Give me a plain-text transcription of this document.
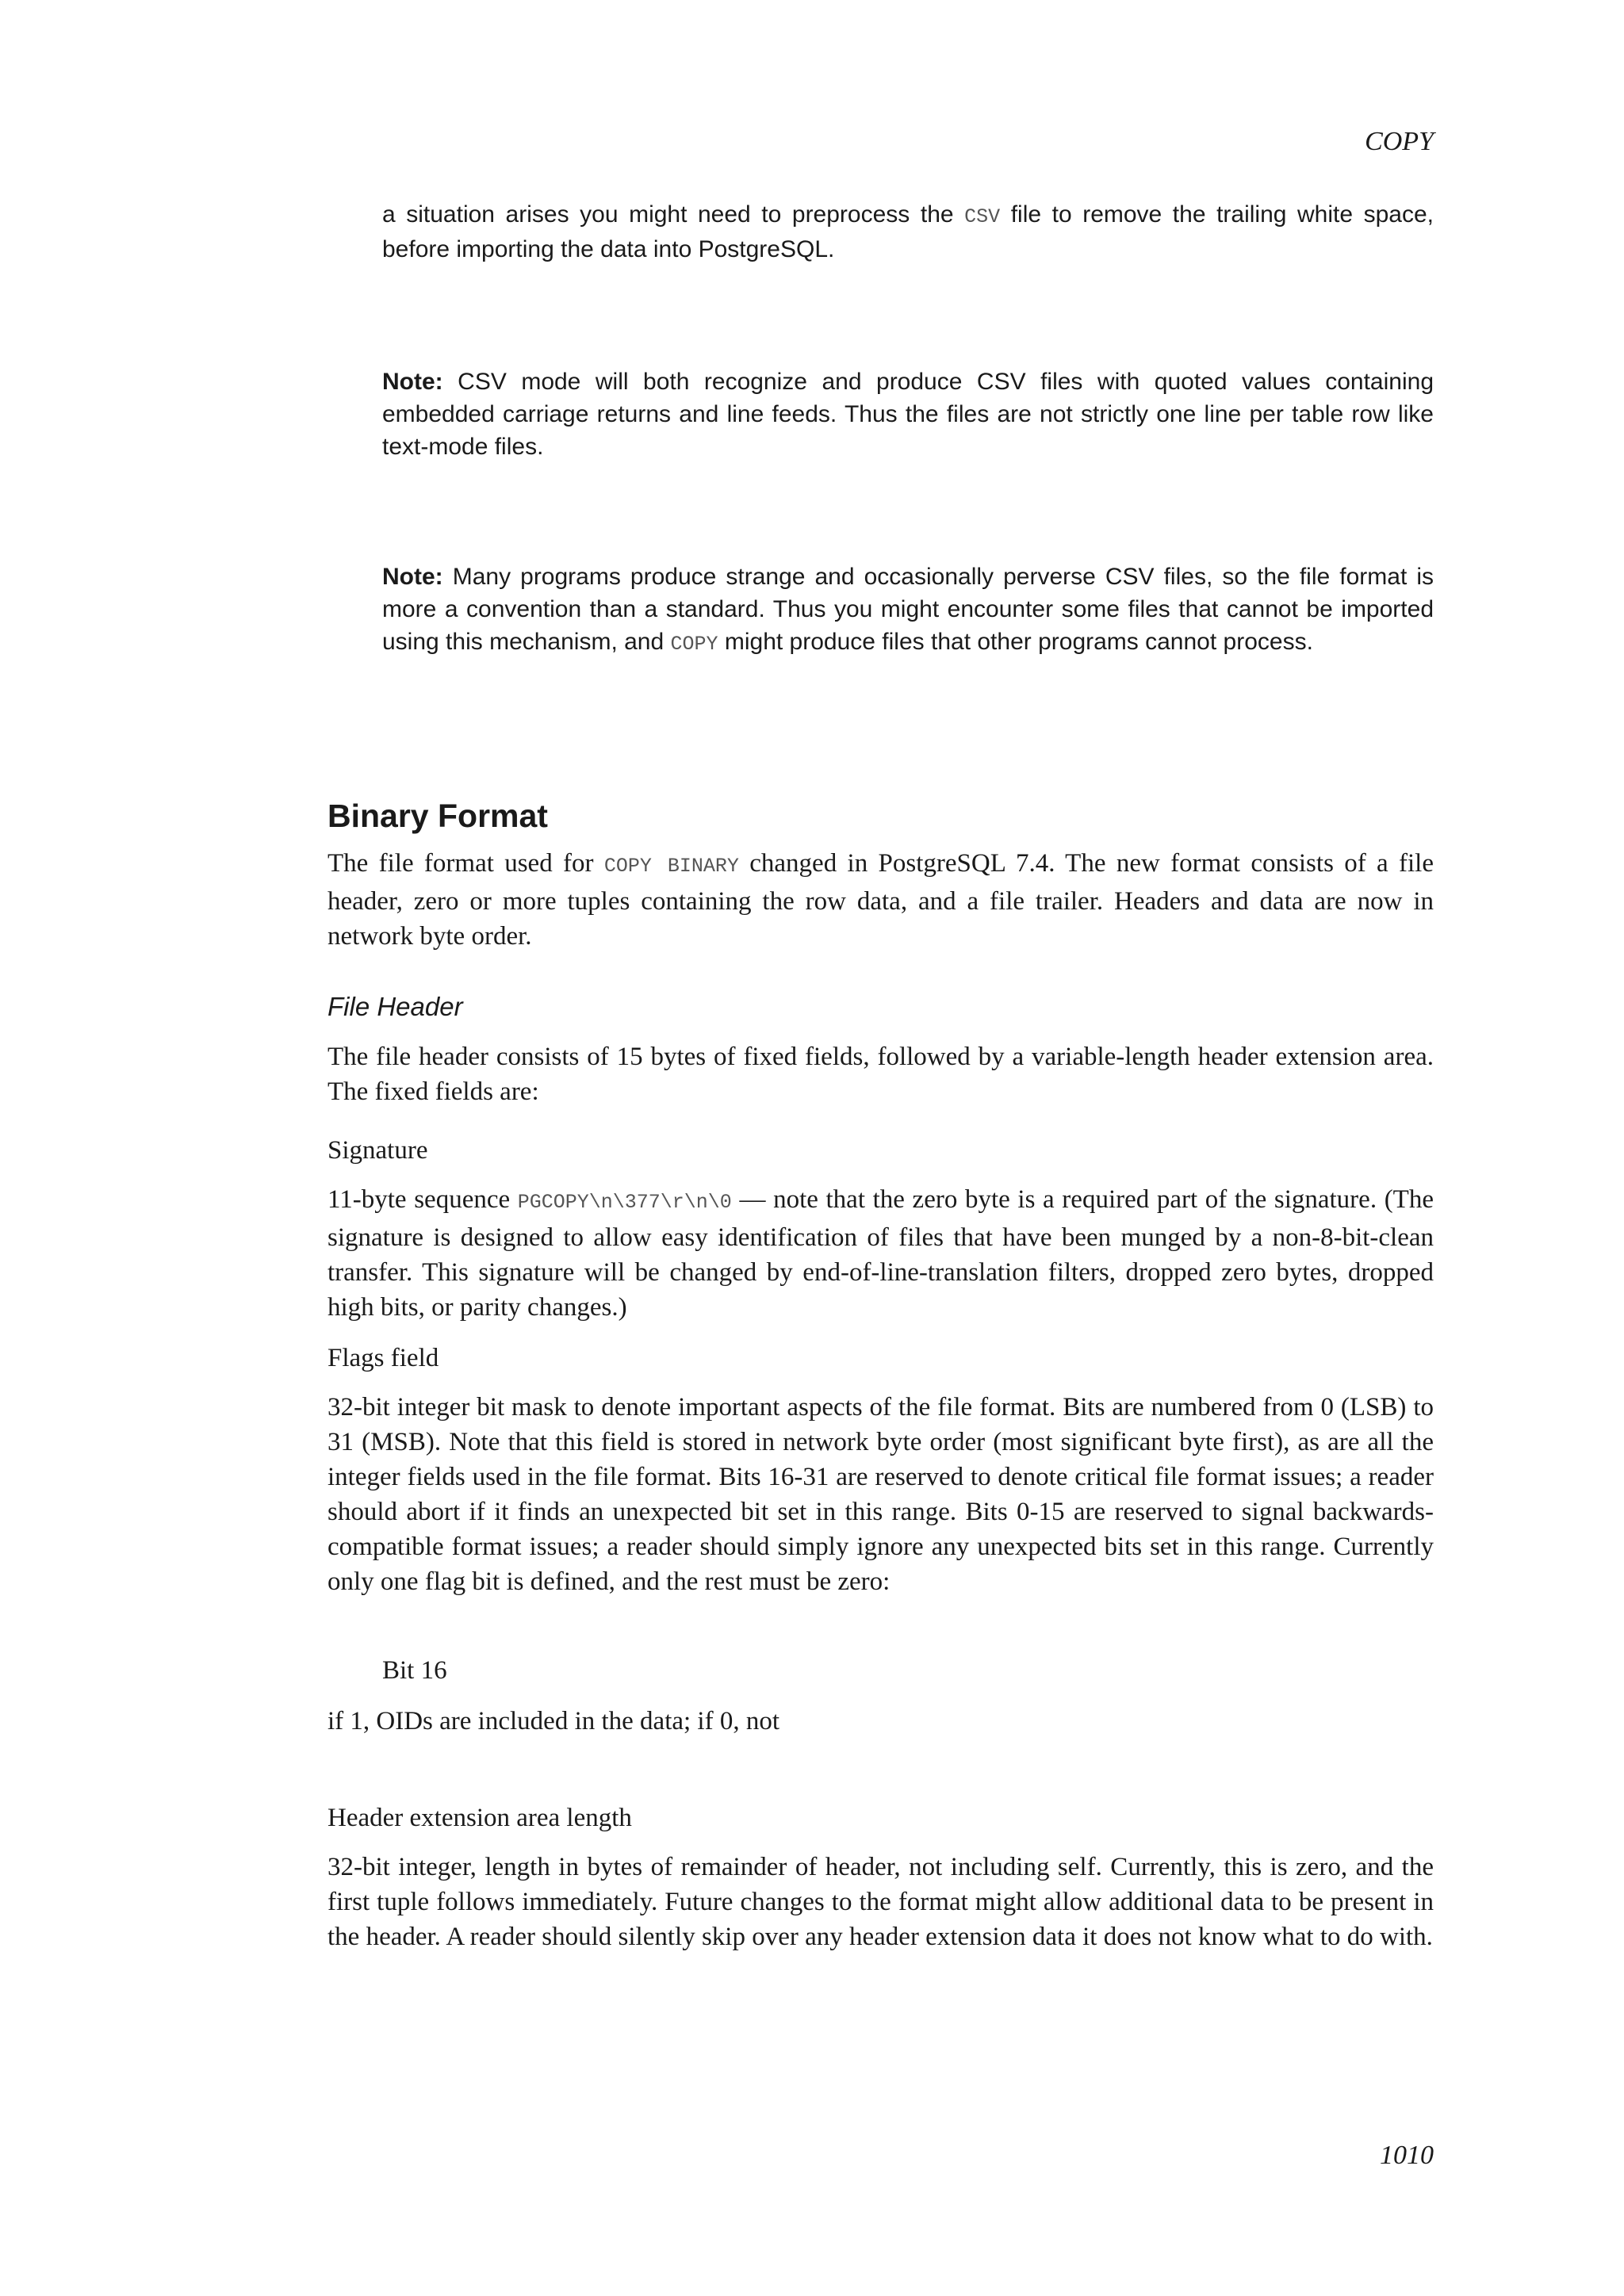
COPY

a situation arises you might need to preprocess the CSV file to remove the trailing white space, before importing the data into PostgreSQL.

Note: CSV mode will both recognize and produce CSV files with quoted values containing embedded carriage returns and line feeds. Thus the files are not strictly one line per table row like text-mode files.

Note: Many programs produce strange and occasionally perverse CSV files, so the file format is more a convention than a standard. Thus you might encounter some files that cannot be imported using this mechanism, and COPY might produce files that other programs cannot process.

Binary Format

The file format used for COPY BINARY changed in PostgreSQL 7.4. The new format consists of a file header, zero or more tuples containing the row data, and a file trailer. Headers and data are now in network byte order.

File Header

The file header consists of 15 bytes of fixed fields, followed by a variable-length header extension area. The fixed fields are:

Signature

11-byte sequence PGCOPY\n\377\r\n\0 — note that the zero byte is a required part of the signature. (The signature is designed to allow easy identification of files that have been munged by a non-8-bit-clean transfer. This signature will be changed by end-of-line-translation filters, dropped zero bytes, dropped high bits, or parity changes.)

Flags field

32-bit integer bit mask to denote important aspects of the file format. Bits are numbered from 0 (LSB) to 31 (MSB). Note that this field is stored in network byte order (most significant byte first), as are all the integer fields used in the file format. Bits 16-31 are reserved to denote critical file format issues; a reader should abort if it finds an unexpected bit set in this range. Bits 0-15 are reserved to signal backwards-compatible format issues; a reader should simply ignore any unexpected bits set in this range. Currently only one flag bit is defined, and the rest must be zero:

Bit 16

if 1, OIDs are included in the data; if 0, not

Header extension area length

32-bit integer, length in bytes of remainder of header, not including self. Currently, this is zero, and the first tuple follows immediately. Future changes to the format might allow additional data to be present in the header. A reader should silently skip over any header extension data it does not know what to do with.

1010
